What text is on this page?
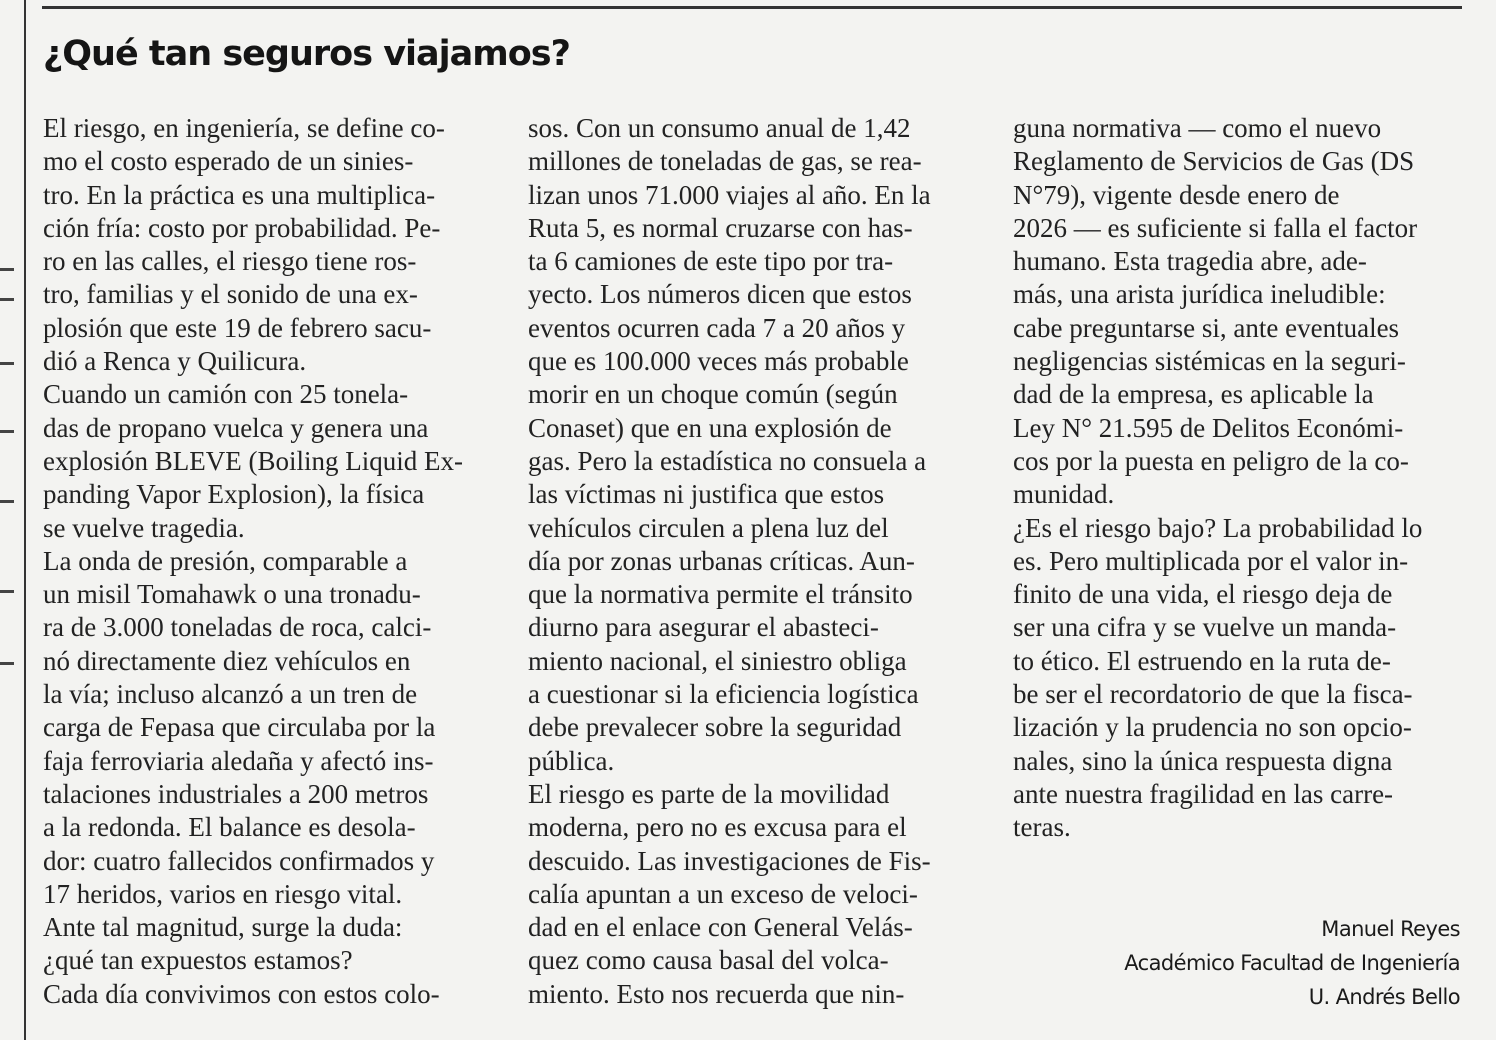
¿Qué tan seguros viajamos?
El riesgo, en ingeniería, se define co-
mo el costo esperado de un sinies-
tro. En la práctica es una multiplica-
ción fría: costo por probabilidad. Pe-
ro en las calles, el riesgo tiene ros-
tro, familias y el sonido de una ex-
plosión que este 19 de febrero sacu-
dió a Renca y Quilicura.
Cuando un camión con 25 tonela-
das de propano vuelca y genera una
explosión BLEVE (Boiling Liquid Ex-
panding Vapor Explosion), la física
se vuelve tragedia.
La onda de presión, comparable a
un misil Tomahawk o una tronadu-
ra de 3.000 toneladas de roca, calci-
nó directamente diez vehículos en
la vía; incluso alcanzó a un tren de
carga de Fepasa que circulaba por la
faja ferroviaria aledaña y afectó ins-
talaciones industriales a 200 metros
a la redonda. El balance es desola-
dor: cuatro fallecidos confirmados y
17 heridos, varios en riesgo vital.
Ante tal magnitud, surge la duda:
¿qué tan expuestos estamos?
Cada día convivimos con estos colo-
sos. Con un consumo anual de 1,42
millones de toneladas de gas, se rea-
lizan unos 71.000 viajes al año. En la
Ruta 5, es normal cruzarse con has-
ta 6 camiones de este tipo por tra-
yecto. Los números dicen que estos
eventos ocurren cada 7 a 20 años y
que es 100.000 veces más probable
morir en un choque común (según
Conaset) que en una explosión de
gas. Pero la estadística no consuela a
las víctimas ni justifica que estos
vehículos circulen a plena luz del
día por zonas urbanas críticas. Aun-
que la normativa permite el tránsito
diurno para asegurar el abasteci-
miento nacional, el siniestro obliga
a cuestionar si la eficiencia logística
debe prevalecer sobre la seguridad
pública.
El riesgo es parte de la movilidad
moderna, pero no es excusa para el
descuido. Las investigaciones de Fis-
calía apuntan a un exceso de veloci-
dad en el enlace con General Velás-
quez como causa basal del volca-
miento. Esto nos recuerda que nin-
guna normativa — como el nuevo
Reglamento de Servicios de Gas (DS
N°79), vigente desde enero de
2026 — es suficiente si falla el factor
humano. Esta tragedia abre, ade-
más, una arista jurídica ineludible:
cabe preguntarse si, ante eventuales
negligencias sistémicas en la seguri-
dad de la empresa, es aplicable la
Ley N° 21.595 de Delitos Económi-
cos por la puesta en peligro de la co-
munidad.
¿Es el riesgo bajo? La probabilidad lo
es. Pero multiplicada por el valor in-
finito de una vida, el riesgo deja de
ser una cifra y se vuelve un manda-
to ético. El estruendo en la ruta de-
be ser el recordatorio de que la fisca-
lización y la prudencia no son opcio-
nales, sino la única respuesta digna
ante nuestra fragilidad en las carre-
teras.
Manuel Reyes
Académico Facultad de Ingeniería
U. Andrés Bello
